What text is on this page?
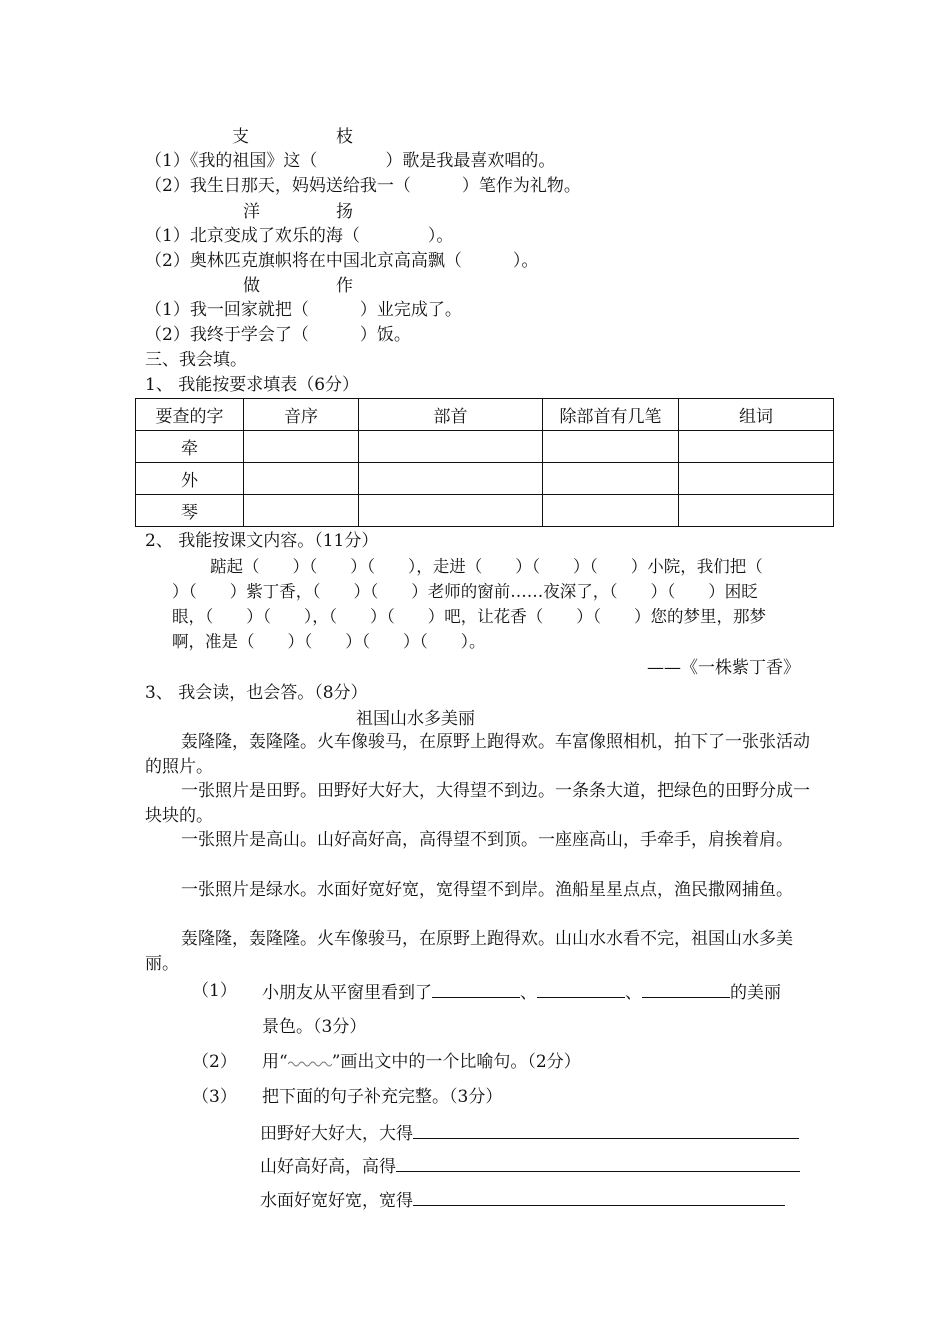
支	枝
（1）《我的祖国》这（　　　　）歌是我最喜欢唱的。
（2）我生日那天，妈妈送给我一（　　　）笔作为礼物。
洋	扬
（1）北京变成了欢乐的海（　　　　）。
（2）奥林匹克旗帜将在中国北京高高飘（　　　）。
做	作
（1）我一回家就把（　　　）业完成了。
（2）我终于学会了（　　　）饭。
三、我会填。
1、 我能按要求填表（6分）
要查的字	音序	部首	除部首有几笔	组词
牵				
外				
琴				
2、 我能按课文内容。（11分）
踮起（　　）（　　）（　　），走进（　　）（　　）（　　）小院，我们把（
）（　　）紫丁香，（　　）（　　）老师的窗前……夜深了，（　　）（　　）困眨
眼，（　　）（　　），（　　）（　　）吧，让花香（　　）（　　）您的梦里，那梦
啊，准是（　　）（　　）（　　）（　　）。
——《一株紫丁香》
3、 我会读，也会答。（8分）
祖国山水多美丽
轰隆隆，轰隆隆。火车像骏马，在原野上跑得欢。车富像照相机，拍下了一张张活动的照片。
一张照片是田野。田野好大好大，大得望不到边。一条条大道，把绿色的田野分成一块块的。
一张照片是高山。山好高好高，高得望不到顶。一座座高山，手牵手，肩挨着肩。
一张照片是绿水。水面好宽好宽，宽得望不到岸。渔船星星点点，渔民撒网捕鱼。
轰隆隆，轰隆隆。火车像骏马，在原野上跑得欢。山山水水看不完，祖国山水多美丽。
（1） 小朋友从平窗里看到了	、	、	的美丽
景色。（3分）
（2） 用“	”画出文中的一个比喻句。（2分）
（3） 把下面的句子补充完整。（3分）
田野好大好大，大得
山好高好高，高得
水面好宽好宽，宽得
